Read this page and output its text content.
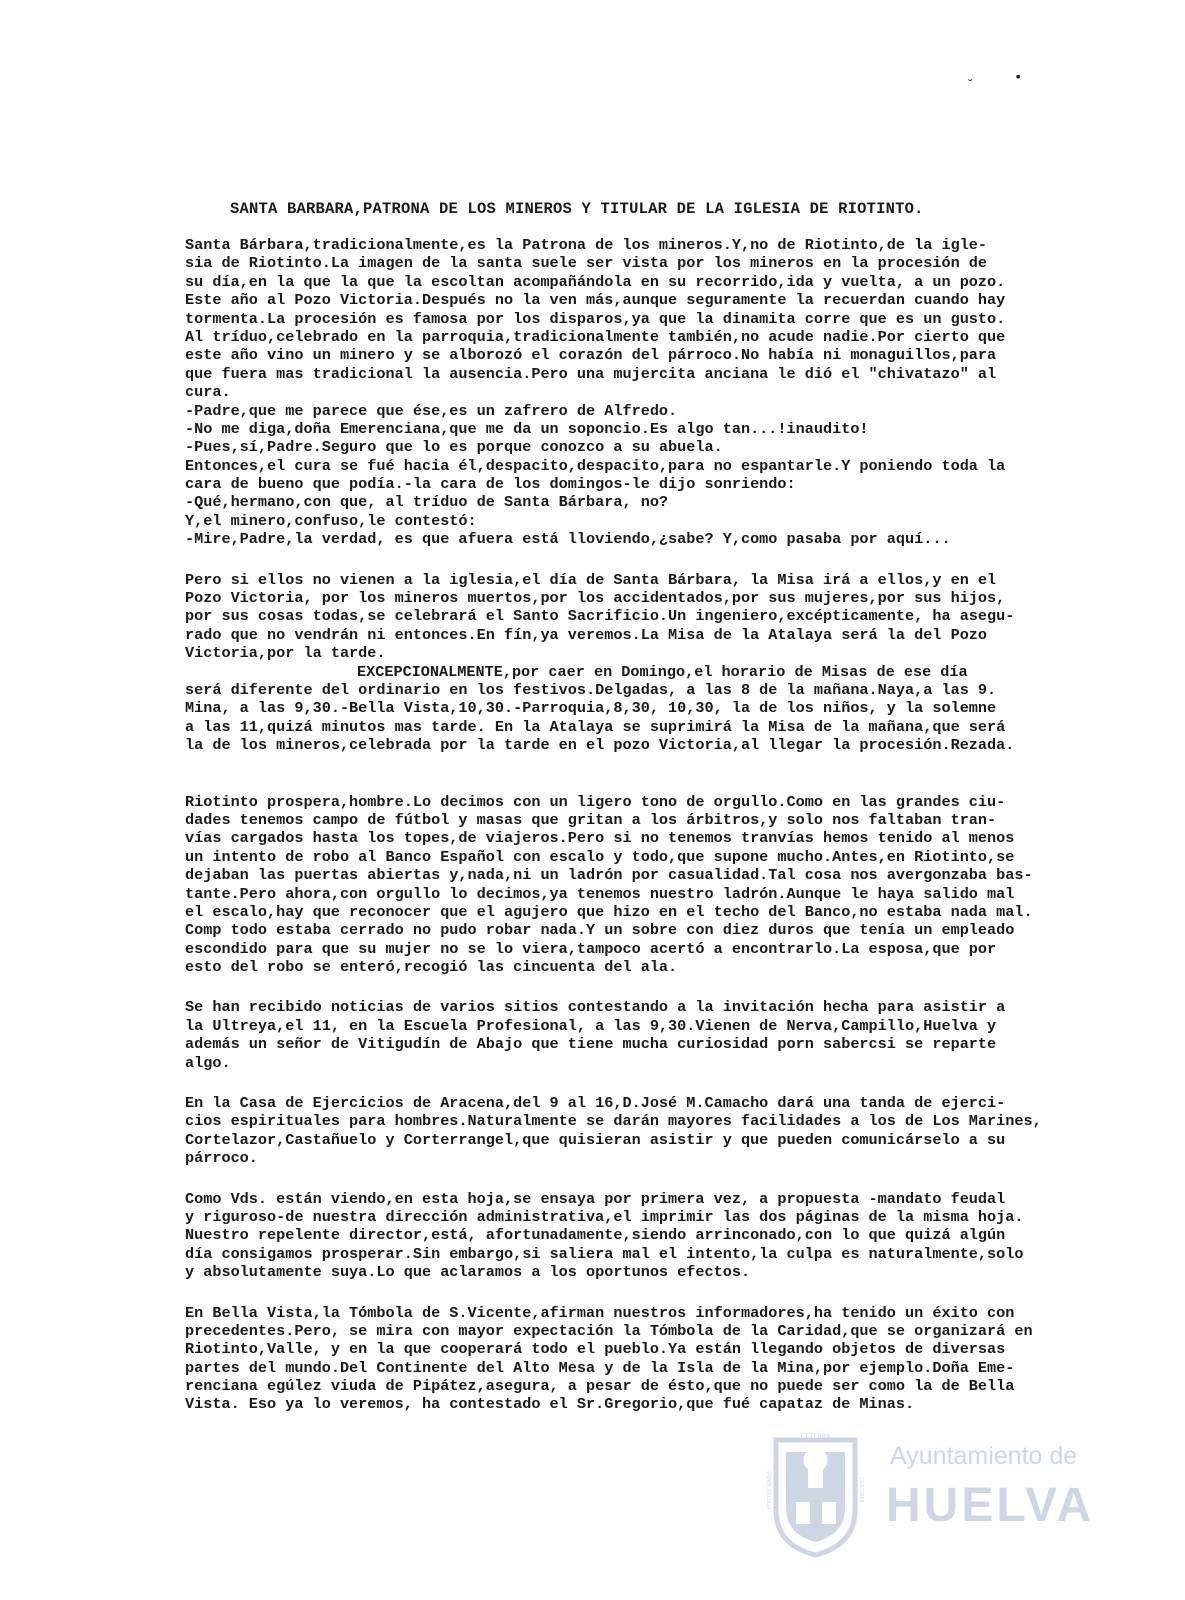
ˇ	•
SANTA BARBARA,PATRONA DE LOS MINEROS Y TITULAR DE LA IGLESIA DE RIOTINTO.
Santa Bárbara,tradicionalmente,es la Patrona de los mineros.Y,no de Riotinto,de la igle-
sia de Riotinto.La imagen de la santa suele ser vista por los mineros en la procesión de
su día,en la que la que la escoltan acompañándola en su recorrido,ida y vuelta, a un pozo.
Este año al Pozo Victoria.Después no la ven más,aunque seguramente la recuerdan cuando hay
tormenta.La procesión es famosa por los disparos,ya que la dinamita corre que es un gusto.
Al tríduo,celebrado en la parroquia,tradicionalmente también,no acude nadie.Por cierto que
este año vino un minero y se alborozó el corazón del párroco.No había ni monaguillos,para
que fuera mas tradicional la ausencia.Pero una mujercita anciana le dió el "chivatazo" al
cura.
-Padre,que me parece que ése,es un zafrero de Alfredo.
-No me diga,doña Emerenciana,que me da un soponcio.Es algo tan...!inaudito!
-Pues,sí,Padre.Seguro que lo es porque conozco a su abuela.
Entonces,el cura se fué hacia él,despacito,despacito,para no espantarle.Y poniendo toda la
cara de bueno que podía.-la cara de los domingos-le dijo sonriendo:
-Qué,hermano,con que, al tríduo de Santa Bárbara, no?
Y,el minero,confuso,le contestó:
-Mire,Padre,la verdad, es que afuera está lloviendo,¿sabe? Y,como pasaba por aquí...
Pero si ellos no vienen a la iglesia,el día de Santa Bárbara, la Misa irá a ellos,y en el
Pozo Victoria, por los mineros muertos,por los accidentados,por sus mujeres,por sus hijos,
por sus cosas todas,se celebrará el Santo Sacrificio.Un ingeniero,excépticamente, ha asegu-
rado que no vendrán ni entonces.En fín,ya veremos.La Misa de la Atalaya será la del Pozo
Victoria,por la tarde.
EXCEPCIONALMENTE,por caer en Domingo,el horario de Misas de ese día
será diferente del ordinario en los festivos.Delgadas, a las 8 de la mañana.Naya,a las 9.
Mina, a las 9,30.-Bella Vista,10,30.-Parroquia,8,30, 10,30, la de los niños, y la solemne
a las 11,quizá minutos mas tarde. En la Atalaya se suprimirá la Misa de la mañana,que será
la de los mineros,celebrada por la tarde en el pozo Victoria,al llegar la procesión.Rezada.
Riotinto prospera,hombre.Lo decimos con un ligero tono de orgullo.Como en las grandes ciu-
dades tenemos campo de fútbol y masas que gritan a los árbitros,y solo nos faltaban tran-
vías cargados hasta los topes,de viajeros.Pero si no tenemos tranvías hemos tenido al menos
un intento de robo al Banco Español con escalo y todo,que supone mucho.Antes,en Riotinto,se
dejaban las puertas abiertas y,nada,ni un ladrón por casualidad.Tal cosa nos avergonzaba bas-
tante.Pero ahora,con orgullo lo decimos,ya tenemos nuestro ladrón.Aunque le haya salido mal
el escalo,hay que reconocer que el agujero que hizo en el techo del Banco,no estaba nada mal.
Comp todo estaba cerrado no pudo robar nada.Y un sobre con diez duros que tenía un empleado
escondido para que su mujer no se lo viera,tampoco acertó a encontrarlo.La esposa,que por
esto del robo se enteró,recogió las cincuenta del ala.
Se han recibido noticias de varios sitios contestando a la invitación hecha para asistir a
la Ultreya,el 11, en la Escuela Profesional, a las 9,30.Vienen de Nerva,Campillo,Huelva y
además un señor de Vitigudín de Abajo que tiene mucha curiosidad porn sabercsi se reparte
algo.
En la Casa de Ejercicios de Aracena,del 9 al 16,D.José M.Camacho dará una tanda de ejerci-
cios espirituales para hombres.Naturalmente se darán mayores facilidades a los de Los Marines,
Cortelazor,Castañuelo y Corterrangel,que quisieran asistir y que pueden comunicárselo a su
párroco.
Como Vds. están viendo,en esta hoja,se ensaya por primera vez, a propuesta -mandato feudal
y riguroso-de nuestra dirección administrativa,el imprimir las dos páginas de la misma hoja.
Nuestro repelente director,está, afortunadamente,siendo arrinconado,con lo que quizá algún
día consigamos prosperar.Sin embargo,si saliera mal el intento,la culpa es naturalmente,solo
y absolutamente suya.Lo que aclaramos a los oportunos efectos.
En Bella Vista,la Tómbola de S.Vicente,afirman nuestros informadores,ha tenido un éxito con
precedentes.Pero, se mira con mayor expectación la Tómbola de la Caridad,que se organizará en
Riotinto,Valle, y en la que cooperará todo el pueblo.Ya están llegando objetos de diversas
partes del mundo.Del Continente del Alto Mesa y de la Isla de la Mina,por ejemplo.Doña Eme-
renciana egúlez viuda de Pipátez,asegura, a pesar de ésto,que no puede ser como la de Bella
Vista. Eso ya lo veremos, ha contestado el Sr.Gregorio,que fué capataz de Minas.
ET TERRA
PORTUS MARIS	CUSTODIA
Ayuntamiento de
HUELVA
